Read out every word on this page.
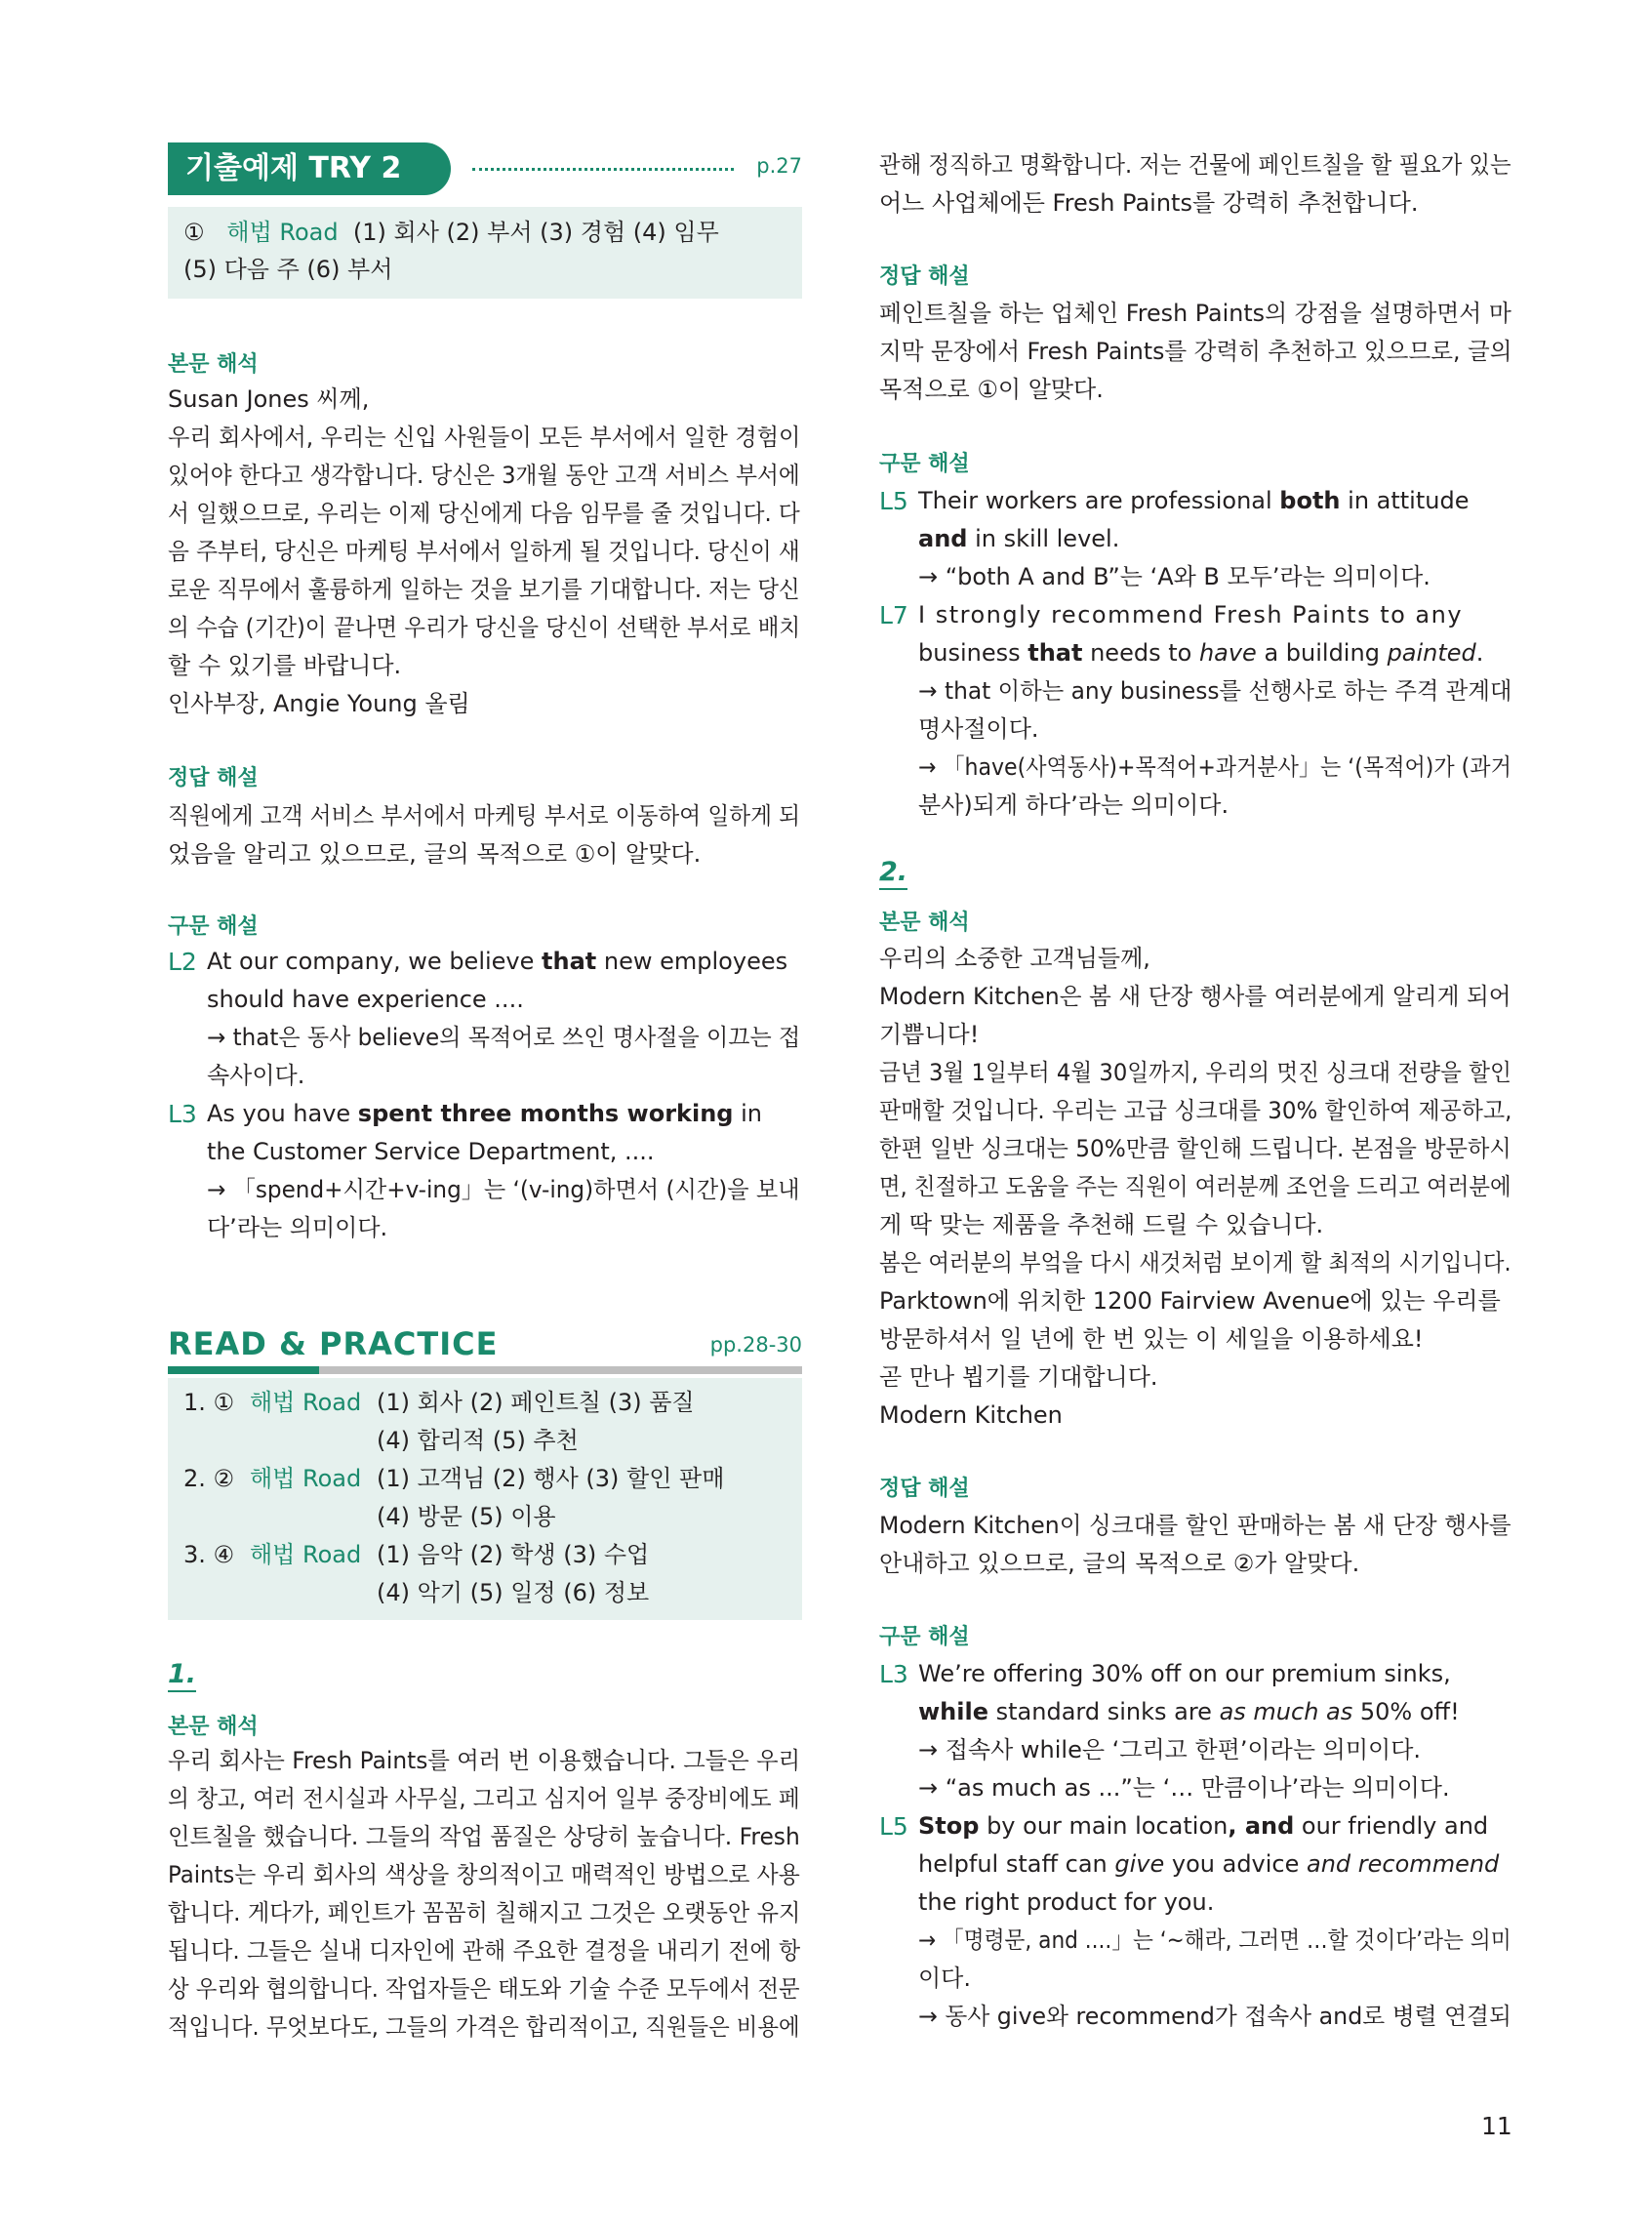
기출예제 TRY 2	p.27
① 해법 Road (1) 회사 (2) 부서 (3) 경험 (4) 임무
(5) 다음 주 (6) 부서
본문 해석
Susan Jones 씨께,
우리 회사에서, 우리는 신입 사원들이 모든 부서에서 일한 경험이
있어야 한다고 생각합니다. 당신은 3개월 동안 고객 서비스 부서에
서 일했으므로, 우리는 이제 당신에게 다음 임무를 줄 것입니다. 다
음 주부터, 당신은 마케팅 부서에서 일하게 될 것입니다. 당신이 새
로운 직무에서 훌륭하게 일하는 것을 보기를 기대합니다. 저는 당신
의 수습 (기간)이 끝나면 우리가 당신을 당신이 선택한 부서로 배치
할 수 있기를 바랍니다.
인사부장, Angie Young 올림
정답 해설
직원에게 고객 서비스 부서에서 마케팅 부서로 이동하여 일하게 되
었음을 알리고 있으므로, 글의 목적으로 ①이 알맞다.
구문 해설
L2 At our company, we believe that new employees
should have experience ....
→ that은 동사 believe의 목적어로 쓰인 명사절을 이끄는 접
속사이다.
L3 As you have spent three months working in
the Customer Service Department, ....
→ 「spend+시간+v-ing」는 ‘(v-ing)하면서 (시간)을 보내
다’라는 의미이다.
READ & PRACTICE	pp.28-30
1. ① 해법 Road (1) 회사 (2) 페인트칠 (3) 품질
(4) 합리적 (5) 추천
2. ② 해법 Road (1) 고객님 (2) 행사 (3) 할인 판매
(4) 방문 (5) 이용
3. ④ 해법 Road (1) 음악 (2) 학생 (3) 수업
(4) 악기 (5) 일정 (6) 정보
1.
본문 해석
우리 회사는 Fresh Paints를 여러 번 이용했습니다. 그들은 우리
의 창고, 여러 전시실과 사무실, 그리고 심지어 일부 중장비에도 페
인트칠을 했습니다. 그들의 작업 품질은 상당히 높습니다. Fresh
Paints는 우리 회사의 색상을 창의적이고 매력적인 방법으로 사용
합니다. 게다가, 페인트가 꼼꼼히 칠해지고 그것은 오랫동안 유지
됩니다. 그들은 실내 디자인에 관해 주요한 결정을 내리기 전에 항
상 우리와 협의합니다. 작업자들은 태도와 기술 수준 모두에서 전문
적입니다. 무엇보다도, 그들의 가격은 합리적이고, 직원들은 비용에
관해 정직하고 명확합니다. 저는 건물에 페인트칠을 할 필요가 있는
어느 사업체에든 Fresh Paints를 강력히 추천합니다.
정답 해설
페인트칠을 하는 업체인 Fresh Paints의 강점을 설명하면서 마
지막 문장에서 Fresh Paints를 강력히 추천하고 있으므로, 글의
목적으로 ①이 알맞다.
구문 해설
L5 Their workers are professional both in attitude
and in skill level.
→ “both A and B”는 ‘A와 B 모두’라는 의미이다.
L7 I strongly recommend Fresh Paints to any
business that needs to have a building painted.
→ that 이하는 any business를 선행사로 하는 주격 관계대
명사절이다.
→ 「have(사역동사)+목적어+과거분사」는 ‘(목적어)가 (과거
분사)되게 하다’라는 의미이다.
2.
본문 해석
우리의 소중한 고객님들께,
Modern Kitchen은 봄 새 단장 행사를 여러분에게 알리게 되어
기쁩니다!
금년 3월 1일부터 4월 30일까지, 우리의 멋진 싱크대 전량을 할인
판매할 것입니다. 우리는 고급 싱크대를 30% 할인하여 제공하고,
한편 일반 싱크대는 50%만큼 할인해 드립니다. 본점을 방문하시
면, 친절하고 도움을 주는 직원이 여러분께 조언을 드리고 여러분에
게 딱 맞는 제품을 추천해 드릴 수 있습니다.
봄은 여러분의 부엌을 다시 새것처럼 보이게 할 최적의 시기입니다.
Parktown에 위치한 1200 Fairview Avenue에 있는 우리를
방문하셔서 일 년에 한 번 있는 이 세일을 이용하세요!
곧 만나 뵙기를 기대합니다.
Modern Kitchen
정답 해설
Modern Kitchen이 싱크대를 할인 판매하는 봄 새 단장 행사를
안내하고 있으므로, 글의 목적으로 ②가 알맞다.
구문 해설
L3 We’re offering 30% off on our premium sinks,
while standard sinks are as much as 50% off!
→ 접속사 while은 ‘그리고 한편’이라는 의미이다.
→ “as much as ...”는 ‘… 만큼이나’라는 의미이다.
L5 Stop by our main location, and our friendly and
helpful staff can give you advice and recommend
the right product for you.
→ 「명령문, and ....」는 ‘~해라, 그러면 …할 것이다’라는 의미
이다.
→ 동사 give와 recommend가 접속사 and로 병렬 연결되
11
